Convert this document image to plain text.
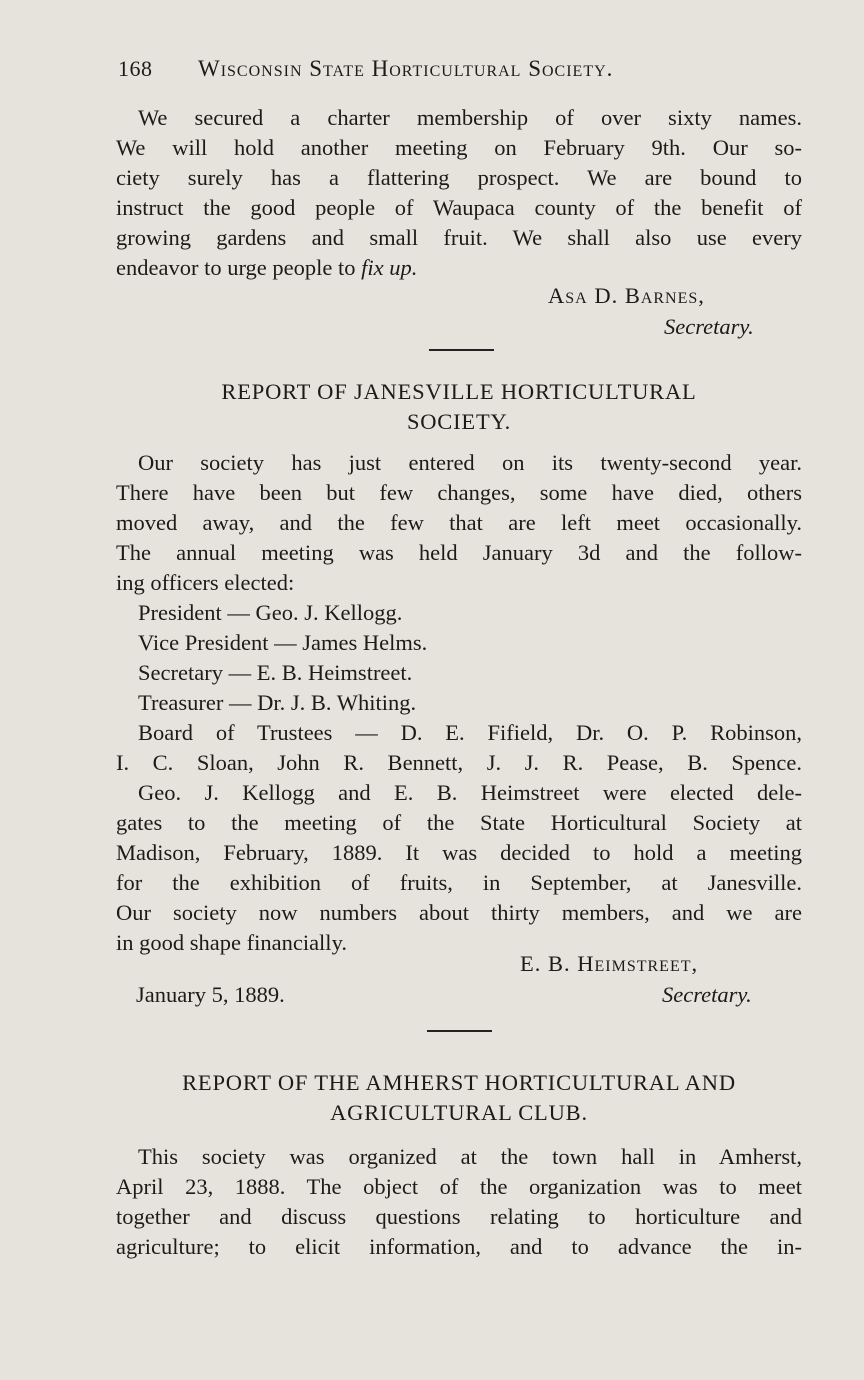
168 Wisconsin State Horticultural Society.
We secured a charter membership of over sixty names.
We will hold another meeting on February 9th. Our so-
ciety surely has a flattering prospect. We are bound to
instruct the good people of Waupaca county of the benefit of
growing gardens and small fruit. We shall also use every
endeavor to urge people to fix up.
Asa D. Barnes,
Secretary.
REPORT OF JANESVILLE HORTICULTURAL
SOCIETY.
Our society has just entered on its twenty-second year.
There have been but few changes, some have died, others
moved away, and the few that are left meet occasionally.
The annual meeting was held January 3d and the follow-
ing officers elected:
President — Geo. J. Kellogg.
Vice President — James Helms.
Secretary — E. B. Heimstreet.
Treasurer — Dr. J. B. Whiting.
Board of Trustees — D. E. Fifield, Dr. O. P. Robinson,
I. C. Sloan, John R. Bennett, J. J. R. Pease, B. Spence.
Geo. J. Kellogg and E. B. Heimstreet were elected dele-
gates to the meeting of the State Horticultural Society at
Madison, February, 1889. It was decided to hold a meeting
for the exhibition of fruits, in September, at Janesville.
Our society now numbers about thirty members, and we are
in good shape financially.
E. B. Heimstreet,
January 5, 1889.	Secretary.
REPORT OF THE AMHERST HORTICULTURAL AND
AGRICULTURAL CLUB.
This society was organized at the town hall in Amherst,
April 23, 1888. The object of the organization was to meet
together and discuss questions relating to horticulture and
agriculture; to elicit information, and to advance the in-
